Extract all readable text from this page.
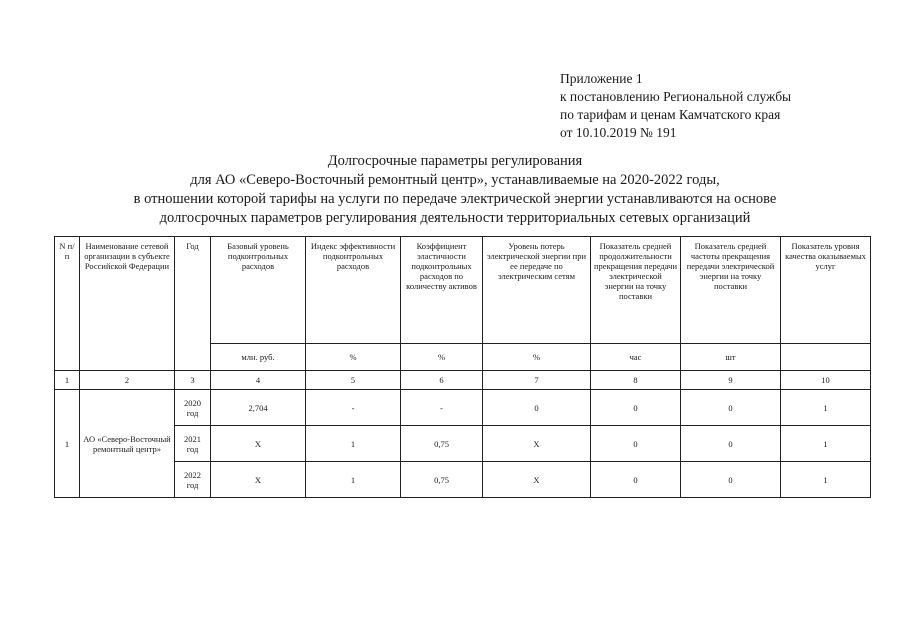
Приложение 1
к постановлению Региональной службы
по тарифам и ценам Камчатского края
от 10.10.2019 № 191
Долгосрочные параметры регулирования
для АО «Северо-Восточный ремонтный центр», устанавливаемые на 2020-2022 годы,
в отношении которой тарифы на услуги по передаче электрической энергии устанавливаются на основе
долгосрочных параметров регулирования деятельности территориальных сетевых организаций
N п/п	Наименование сетевой организации в субъекте Российской Федерации	Год	Базовый уровень подконтрольных расходов	Индекс эффективности подконтрольных расходов	Коэффициент эластичности подконтрольных расходов по количеству активов	Уровень потерь электрической энергии при ее передаче по электрическим сетям	Показатель средней продолжительности прекращения передачи электрической энергии на точку поставки	Показатель средней частоты прекращения передачи электрической энергии на точку поставки	Показатель уровня качества оказываемых услуг
			млн. руб.	%	%	%	час	шт	
1	2	3	4	5	6	7	8	9	10
1	АО «Северо-Восточный ремонтный центр»	2020 год	2,704	-	-	0	0	0	1
		2021 год	X	1	0,75	X	0	0	1
		2022 год	X	1	0,75	X	0	0	1
